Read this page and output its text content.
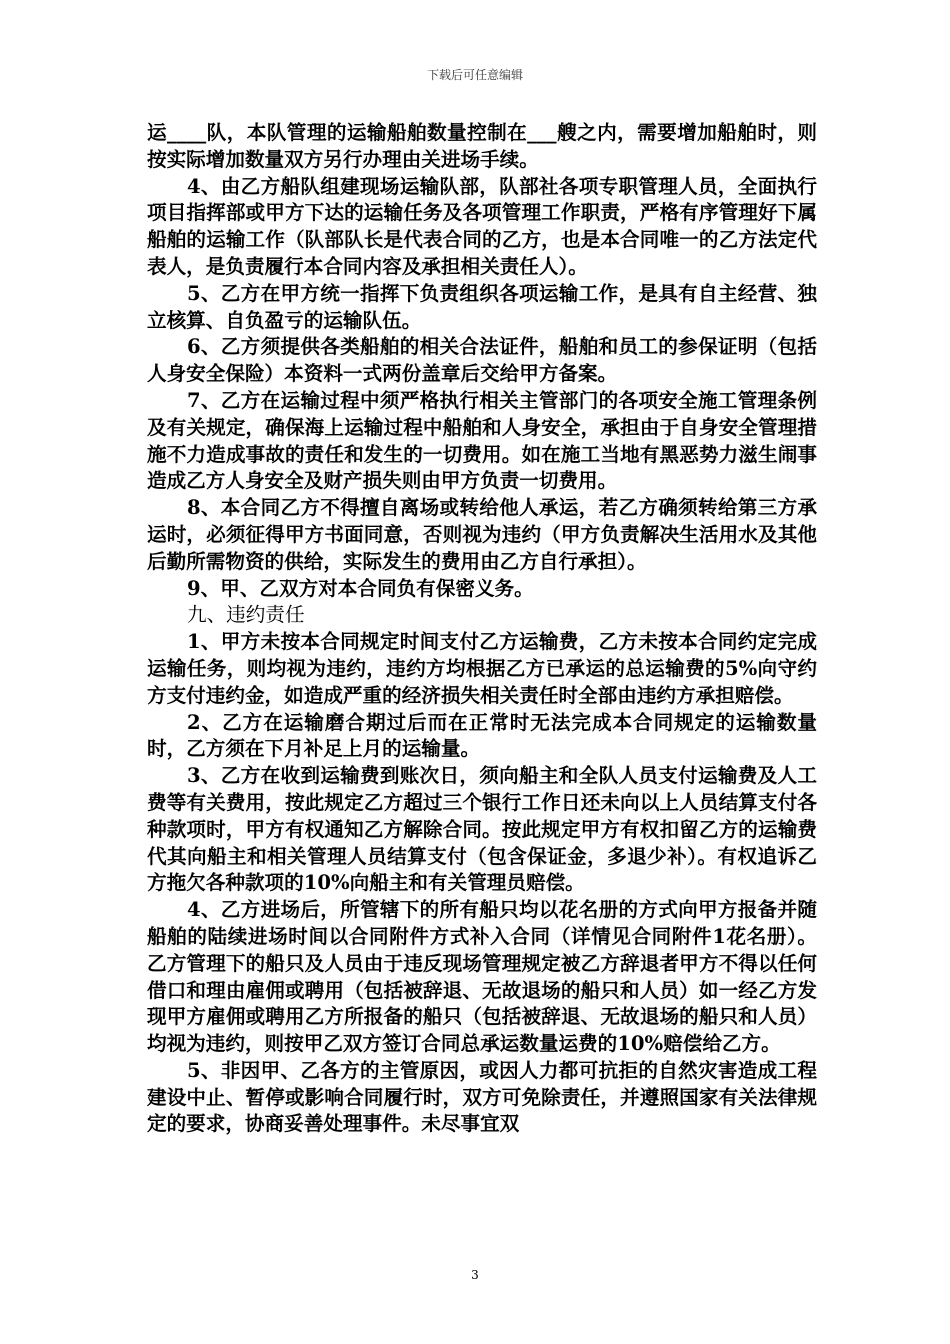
下载后可任意编辑

运____队，本队管理的运输船舶数量控制在___艘之内，需要增加船舶时，则按实际增加数量双方另行办理由关进场手续。

4、由乙方船队组建现场运输队部，队部社各项专职管理人员，全面执行项目指挥部或甲方下达的运输任务及各项管理工作职责，严格有序管理好下属船舶的运输工作（队部队长是代表合同的乙方，也是本合同唯一的乙方法定代表人，是负责履行本合同内容及承担相关责任人）。

5、乙方在甲方统一指挥下负责组织各项运输工作，是具有自主经营、独立核算、自负盈亏的运输队伍。

6、乙方须提供各类船舶的相关合法证件，船舶和员工的参保证明（包括人身安全保险）本资料一式两份盖章后交给甲方备案。

7、乙方在运输过程中须严格执行相关主管部门的各项安全施工管理条例及有关规定，确保海上运输过程中船舶和人身安全，承担由于自身安全管理措施不力造成事故的责任和发生的一切费用。如在施工当地有黑恶势力滋生闹事造成乙方人身安全及财产损失则由甲方负责一切费用。

8、本合同乙方不得擅自离场或转给他人承运，若乙方确须转给第三方承运时，必须征得甲方书面同意，否则视为违约（甲方负责解决生活用水及其他后勤所需物资的供给，实际发生的费用由乙方自行承担）。

9、甲、乙双方对本合同负有保密义务。

九、违约责任

1、甲方未按本合同规定时间支付乙方运输费，乙方未按本合同约定完成运输任务，则均视为违约，违约方均根据乙方已承运的总运输费的5%向守约方支付违约金，如造成严重的经济损失相关责任时全部由违约方承担赔偿。

2、乙方在运输磨合期过后而在正常时无法完成本合同规定的运输数量时，乙方须在下月补足上月的运输量。

3、乙方在收到运输费到账次日，须向船主和全队人员支付运输费及人工费等有关费用，按此规定乙方超过三个银行工作日还未向以上人员结算支付各种款项时，甲方有权通知乙方解除合同。按此规定甲方有权扣留乙方的运输费代其向船主和相关管理人员结算支付（包含保证金，多退少补）。有权追诉乙方拖欠各种款项的10%向船主和有关管理员赔偿。

4、乙方进场后，所管辖下的所有船只均以花名册的方式向甲方报备并随船舶的陆续进场时间以合同附件方式补入合同（详情见合同附件1花名册）。乙方管理下的船只及人员由于违反现场管理规定被乙方辞退者甲方不得以任何借口和理由雇佣或聘用（包括被辞退、无故退场的船只和人员）如一经乙方发现甲方雇佣或聘用乙方所报备的船只（包括被辞退、无故退场的船只和人员）均视为违约，则按甲乙双方签订合同总承运数量运费的10%赔偿给乙方。

5、非因甲、乙各方的主管原因，或因人力都可抗拒的自然灾害造成工程建设中止、暂停或影响合同履行时，双方可免除责任，并遵照国家有关法律规定的要求，协商妥善处理事件。未尽事宜双

3
